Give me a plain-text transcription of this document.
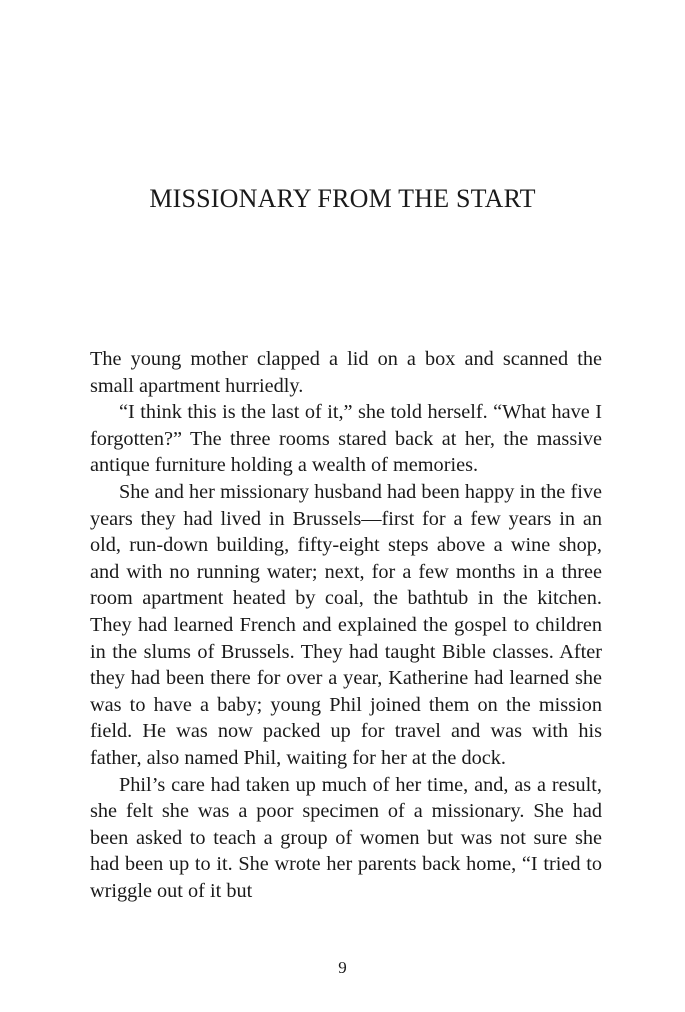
MISSIONARY FROM THE START

The young mother clapped a lid on a box and scanned the small apartment hurriedly.

“I think this is the last of it,” she told herself. “What have I forgotten?” The three rooms stared back at her, the massive antique furniture holding a wealth of memories.

She and her missionary husband had been happy in the five years they had lived in Brussels—first for a few years in an old, run-down building, fifty-eight steps above a wine shop, and with no running water; next, for a few months in a three room apartment heated by coal, the bathtub in the kitchen. They had learned French and explained the gospel to children in the slums of Brussels. They had taught Bible classes. After they had been there for over a year, Katherine had learned she was to have a baby; young Phil joined them on the mission field. He was now packed up for travel and was with his father, also named Phil, waiting for her at the dock.

Phil’s care had taken up much of her time, and, as a result, she felt she was a poor specimen of a missionary. She had been asked to teach a group of women but was not sure she had been up to it. She wrote her parents back home, “I tried to wriggle out of it but

9
